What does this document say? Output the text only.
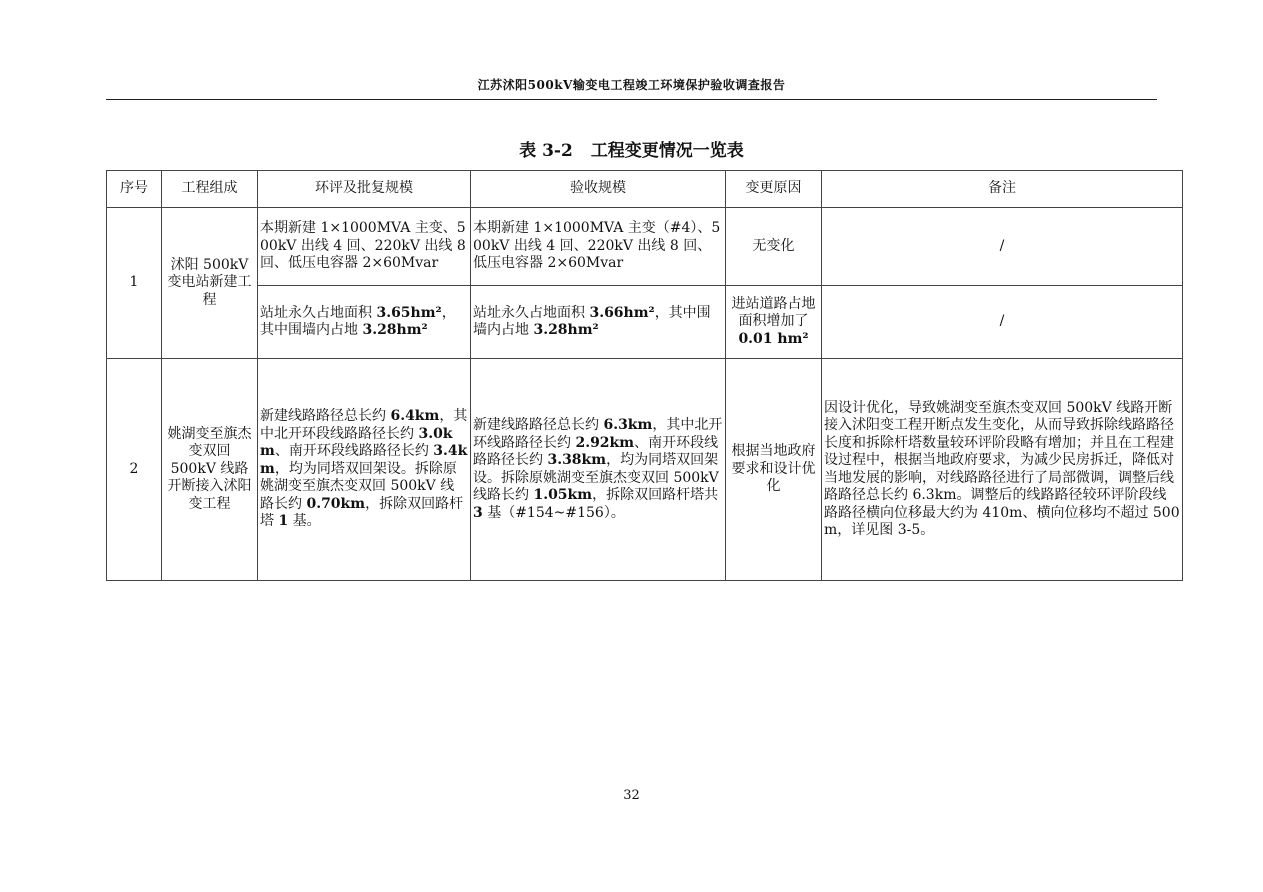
江苏沭阳500kV输变电工程竣工环境保护验收调查报告
表 3-2 工程变更情况一览表
序号	工程组成	环评及批复规模	验收规模	变更原因	备注
1	沭阳 500kV 变电站新建工程	本期新建 1×1000MVA 主变、500kV 出线 4 回、220kV 出线 8 回、低压电容器 2×60Mvar	本期新建 1×1000MVA 主变（#4）、500kV 出线 4 回、220kV 出线 8 回、低压电容器 2×60Mvar	无变化	/
		站址永久占地面积 3.65hm²，其中围墙内占地 3.28hm²	站址永久占地面积 3.66hm²，其中围墙内占地 3.28hm²	进站道路占地面积增加了 0.01 hm²	/
2	姚湖变至旗杰变双回 500kV 线路开断接入沭阳变工程	新建线路路径总长约 6.4km，其中北开环段线路路径长约 3.0km、南开环段线路路径长约 3.4km，均为同塔双回架设。拆除原姚湖变至旗杰变双回 500kV 线路长约 0.70km，拆除双回路杆塔 1 基。	新建线路路径总长约 6.3km，其中北开环线路路径长约 2.92km、南开环段线路路径长约 3.38km，均为同塔双回架设。拆除原姚湖变至旗杰变双回 500kV 线路长约 1.05km，拆除双回路杆塔共 3 基（#154~#156）。	根据当地政府要求和设计优化	因设计优化，导致姚湖变至旗杰变双回 500kV 线路开断接入沭阳变工程开断点发生变化，从而导致拆除线路路径长度和拆除杆塔数量较环评阶段略有增加；并且在工程建设过程中，根据当地政府要求，为减少民房拆迁，降低对当地发展的影响，对线路路径进行了局部微调，调整后线路路径总长约 6.3km。调整后的线路路径较环评阶段线路路径横向位移最大约为 410m、横向位移均不超过 500m，详见图 3-5。
32
